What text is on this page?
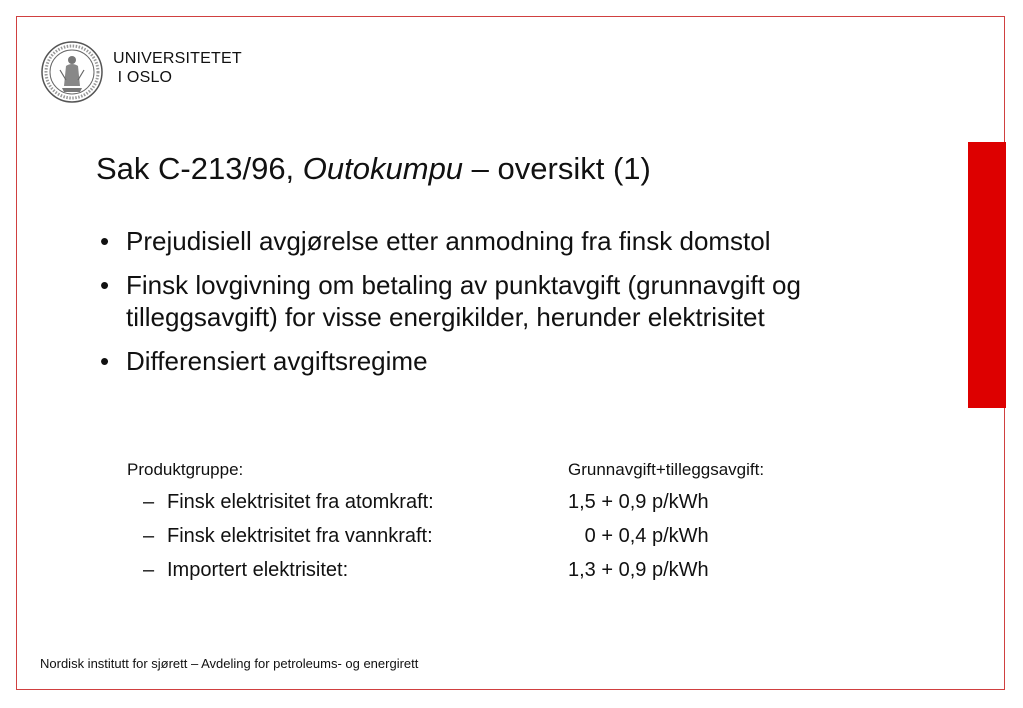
UNIVERSITETET
I OSLO
Sak C-213/96, Outokumpu – oversikt (1)
• Prejudisiell avgjørelse etter anmodning fra finsk domstol
• Finsk lovgivning om betaling av punktavgift (grunnavgift og tilleggsavgift) for visse energikilder, herunder elektrisitet
• Differensiert avgiftsregime
Produktgruppe:	Grunnavgift+tilleggsavgift:
– Finsk elektrisitet fra atomkraft:	1,5 + 0,9 p/kWh
– Finsk elektrisitet fra vannkraft:	0 + 0,4 p/kWh
– Importert elektrisitet:	1,3 + 0,9 p/kWh
Nordisk institutt for sjørett – Avdeling for petroleums- og energirett
